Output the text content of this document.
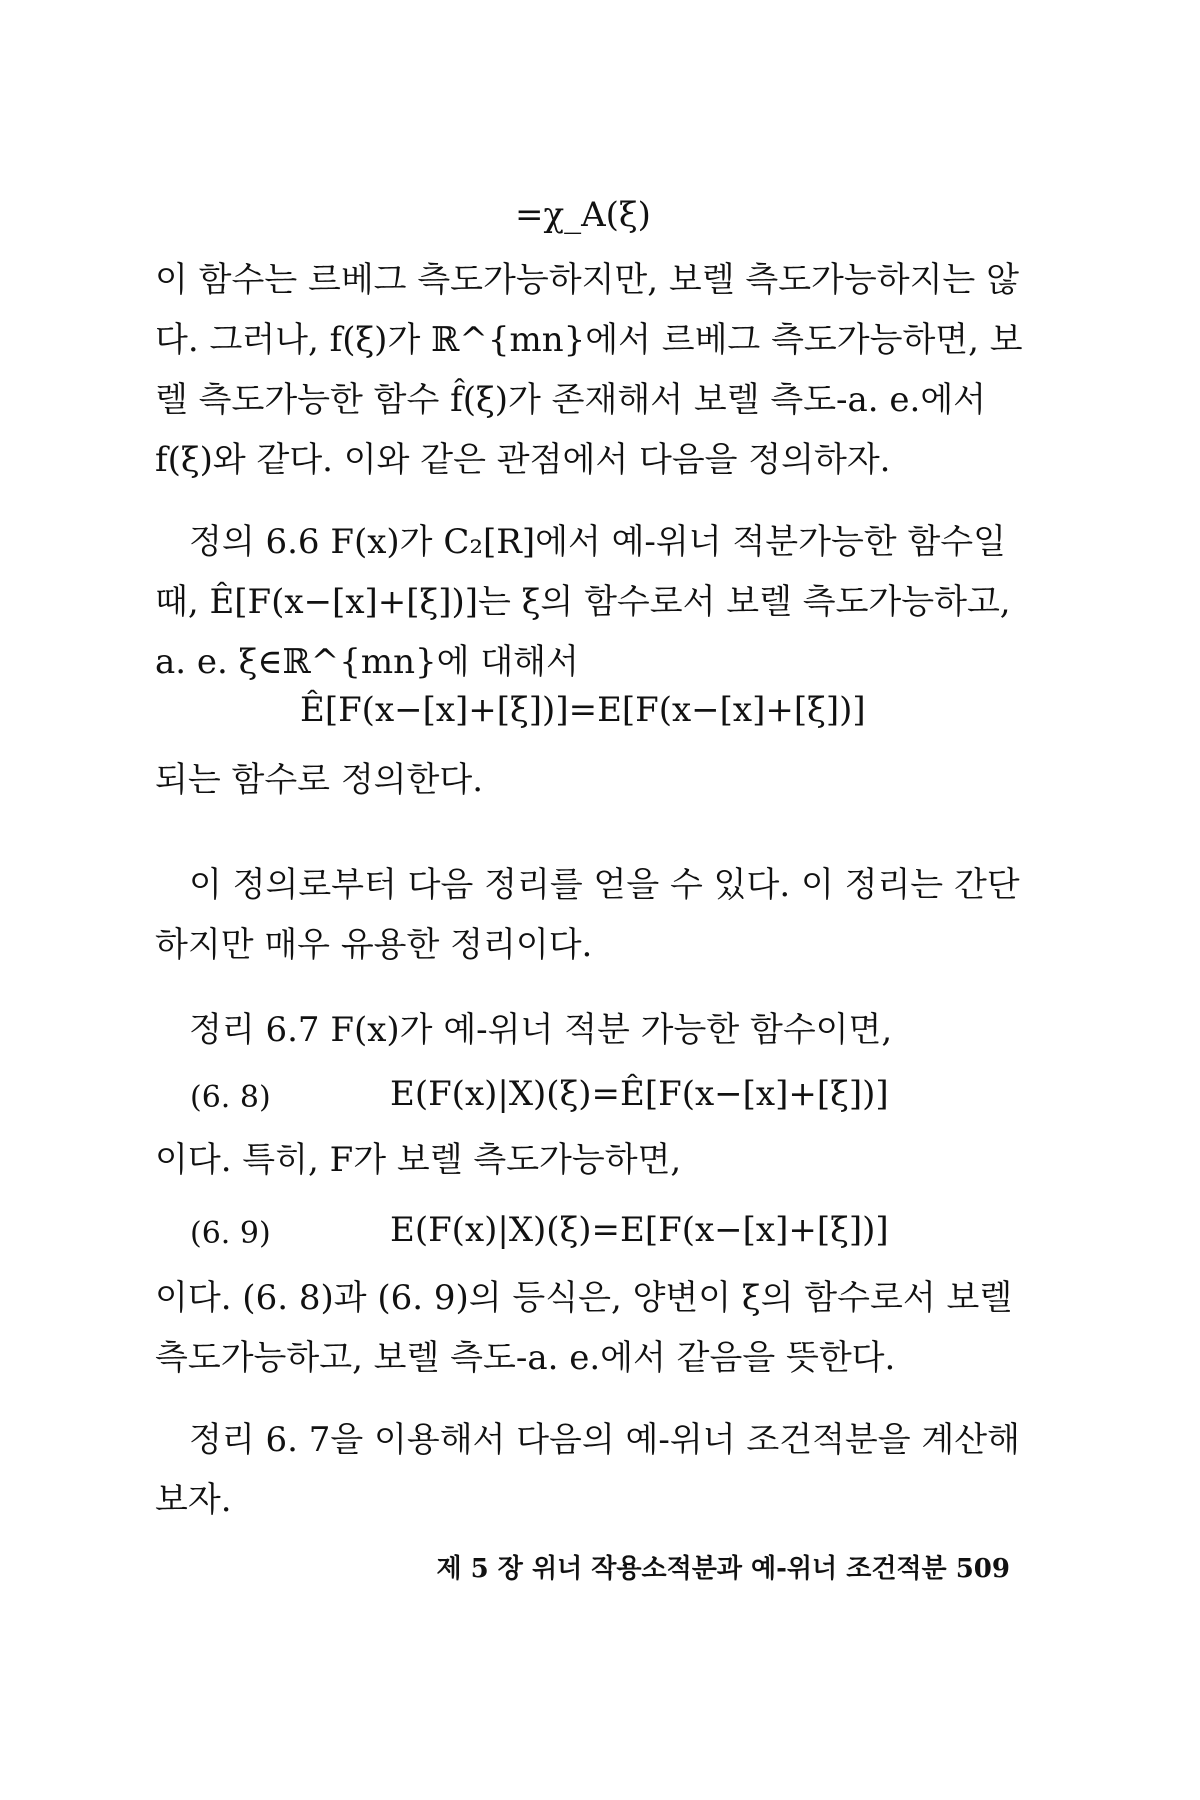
=χ_A(ξ)

이 함수는 르베그 측도가능하지만, 보렐 측도가능하지는 않다. 그러나, f(ξ)가 ℝ^{mn}에서 르베그 측도가능하면, 보렐 측도가능한 함수 f̂(ξ)가 존재해서 보렐 측도-a. e.에서 f(ξ)와 같다. 이와 같은 관점에서 다음을 정의하자.

정의 6.6 F(x)가 C₂[R]에서 예-위너 적분가능한 함수일 때, Ê[F(x−[x]+[ξ])]는 ξ의 함수로서 보렐 측도가능하고, a. e. ξ∈ℝ^{mn}에 대해서

Ê[F(x−[x]+[ξ])]=E[F(x−[x]+[ξ])]

되는 함수로 정의한다.

이 정의로부터 다음 정리를 얻을 수 있다. 이 정리는 간단하지만 매우 유용한 정리이다.

정리 6.7 F(x)가 예-위너 적분 가능한 함수이면,

(6. 8)	E(F(x)|X)(ξ)=Ê[F(x−[x]+[ξ])]

이다. 특히, F가 보렐 측도가능하면,

(6. 9)	E(F(x)|X)(ξ)=E[F(x−[x]+[ξ])]

이다. (6. 8)과 (6. 9)의 등식은, 양변이 ξ의 함수로서 보렐 측도가능하고, 보렐 측도-a. e.에서 같음을 뜻한다.

정리 6. 7을 이용해서 다음의 예-위너 조건적분을 계산해 보자.

제 5 장 위너 작용소적분과 예-위너 조건적분 509
